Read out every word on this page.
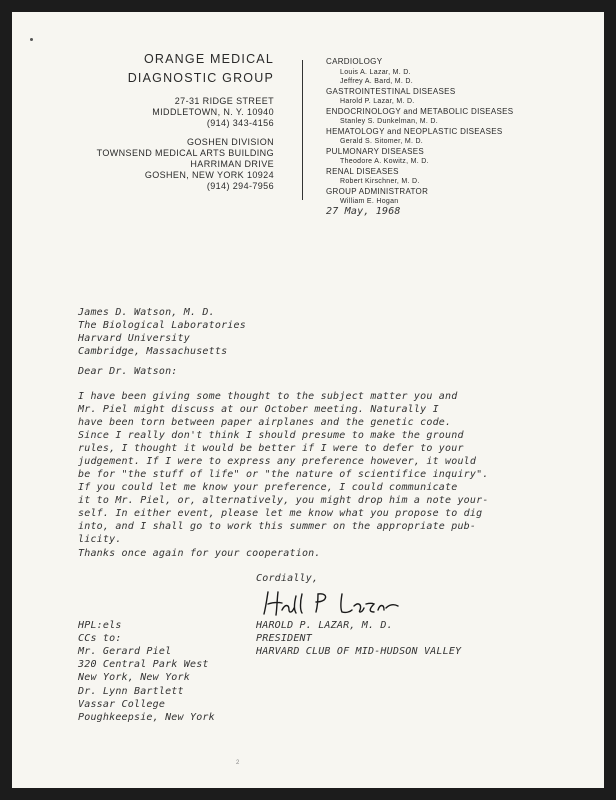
ORANGE MEDICAL
DIAGNOSTIC GROUP
27-31 RIDGE STREET
MIDDLETOWN, N. Y. 10940
(914) 343-4156
GOSHEN DIVISION
TOWNSEND MEDICAL ARTS BUILDING
HARRIMAN DRIVE
GOSHEN, NEW YORK 10924
(914) 294-7956
CARDIOLOGY
Louis A. Lazar, M. D.
Jeffrey A. Bard, M. D.
GASTROINTESTINAL DISEASES
Harold P. Lazar, M. D.
ENDOCRINOLOGY and METABOLIC DISEASES
Stanley S. Dunkelman, M. D.
HEMATOLOGY and NEOPLASTIC DISEASES
Gerald S. Sitomer, M. D.
PULMONARY DISEASES
Theodore A. Kowitz, M. D.
RENAL DISEASES
Robert Kirschner, M. D.
GROUP ADMINISTRATOR
William E. Hogan
27 May, 1968
James D. Watson, M. D.
The Biological Laboratories
Harvard University
Cambridge, Massachusetts
Dear Dr. Watson:
I have been giving some thought to the subject matter you and
Mr. Piel might discuss at our October meeting. Naturally I
have been torn between paper airplanes and the genetic code.
Since I really don't think I should presume to make the ground
rules, I thought it would be better if I were to defer to your
judgement. If I were to express any preference however, it would
be for "the stuff of life" or "the nature of scientifice inquiry".
If you could let me know your preference, I could communicate
it to Mr. Piel, or, alternatively, you might drop him a note your-
self. In either event, please let me know what you propose to dig
into, and I shall go to work this summer on the appropriate pub-
licity.
Thanks once again for your cooperation.
Cordially,
HAROLD P. LAZAR, M. D.
PRESIDENT
HARVARD CLUB OF MID-HUDSON VALLEY
HPL:els
CCs to:
Mr. Gerard Piel
320 Central Park West
New York, New York
Dr. Lynn Bartlett
Vassar College
Poughkeepsie, New York
2
